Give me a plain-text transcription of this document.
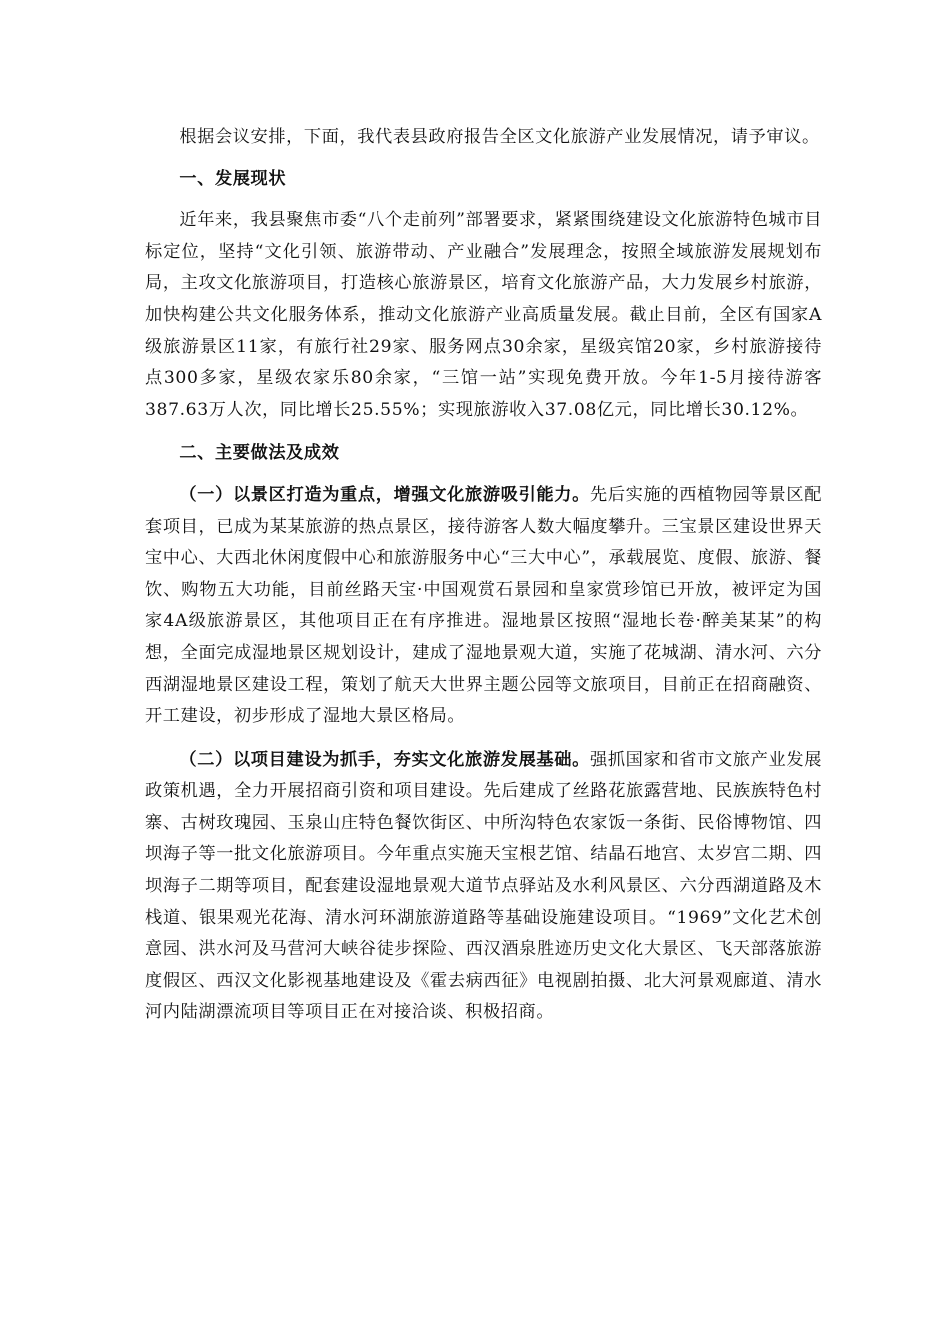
根据会议安排，下面，我代表县政府报告全区文化旅游产业发展情况，请予审议。

一、发展现状

近年来，我县聚焦市委“八个走前列”部署要求，紧紧围绕建设文化旅游特色城市目标定位，坚持“文化引领、旅游带动、产业融合”发展理念，按照全域旅游发展规划布局，主攻文化旅游项目，打造核心旅游景区，培育文化旅游产品，大力发展乡村旅游，加快构建公共文化服务体系，推动文化旅游产业高质量发展。截止目前，全区有国家A级旅游景区11家，有旅行社29家、服务网点30余家，星级宾馆20家，乡村旅游接待点300多家，星级农家乐80余家，“三馆一站”实现免费开放。今年1-5月接待游客387.63万人次，同比增长25.55%；实现旅游收入37.08亿元，同比增长30.12%。

二、主要做法及成效

（一）以景区打造为重点，增强文化旅游吸引能力。先后实施的西植物园等景区配套项目，已成为某某旅游的热点景区，接待游客人数大幅度攀升。三宝景区建设世界天宝中心、大西北休闲度假中心和旅游服务中心“三大中心”，承载展览、度假、旅游、餐饮、购物五大功能，目前丝路天宝·中国观赏石景园和皇家赏珍馆已开放，被评定为国家4A级旅游景区，其他项目正在有序推进。湿地景区按照“湿地长卷·醉美某某”的构想，全面完成湿地景区规划设计，建成了湿地景观大道，实施了花城湖、清水河、六分西湖湿地景区建设工程，策划了航天大世界主题公园等文旅项目，目前正在招商融资、开工建设，初步形成了湿地大景区格局。

（二）以项目建设为抓手，夯实文化旅游发展基础。强抓国家和省市文旅产业发展政策机遇，全力开展招商引资和项目建设。先后建成了丝路花旅露营地、民族族特色村寨、古树玫瑰园、玉泉山庄特色餐饮街区、中所沟特色农家饭一条街、民俗博物馆、四坝海子等一批文化旅游项目。今年重点实施天宝根艺馆、结晶石地宫、太岁宫二期、四坝海子二期等项目，配套建设湿地景观大道节点驿站及水利风景区、六分西湖道路及木栈道、银果观光花海、清水河环湖旅游道路等基础设施建设项目。“1969”文化艺术创意园、洪水河及马营河大峡谷徒步探险、西汉酒泉胜迹历史文化大景区、飞天部落旅游度假区、西汉文化影视基地建设及《霍去病西征》电视剧拍摄、北大河景观廊道、清水河内陆湖漂流项目等项目正在对接洽谈、积极招商。
